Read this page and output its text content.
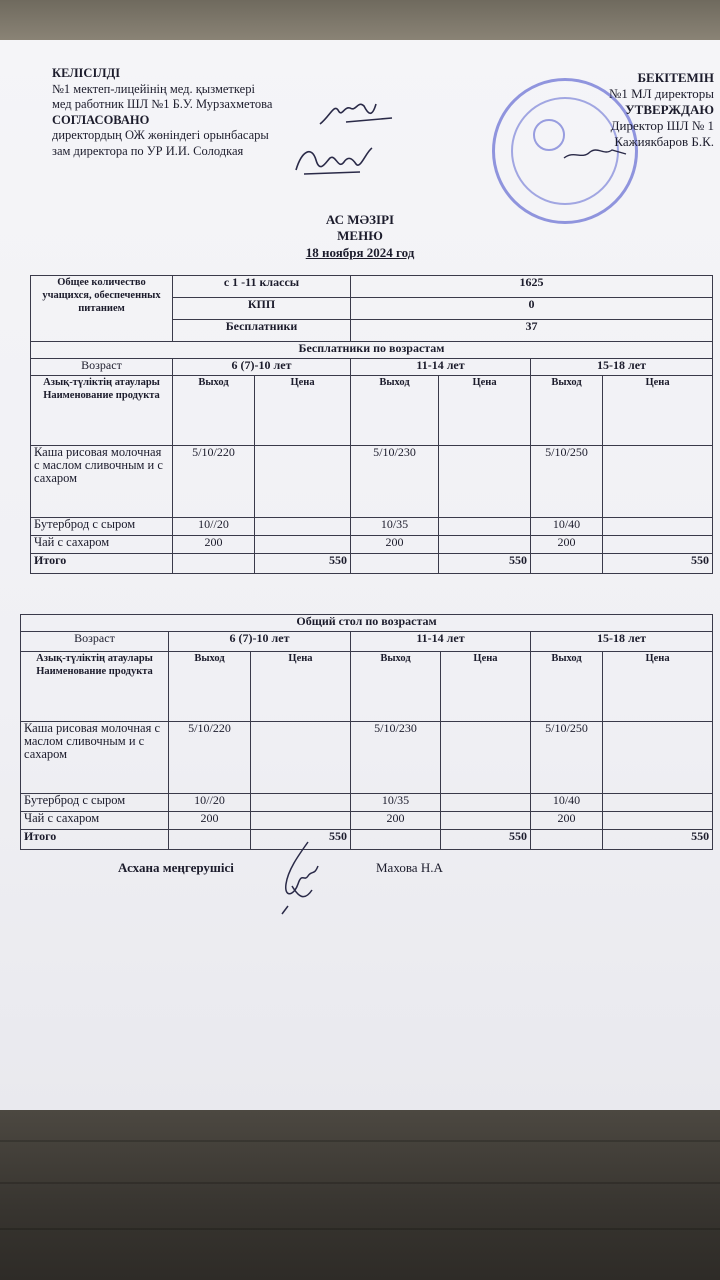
КЕЛІСІЛДІ
№1 мектеп-лицейінің мед. қызметкері
мед работник ШЛ №1 Б.У. Мурзахметова
СОГЛАСОВАНО
директордың ОЖ жөніндегі орынбасары
зам директора по УР И.И. Солодкая
БЕКІТЕМІН
№1 МЛ директоры
УТВЕРЖДАЮ
Директор ШЛ № 1
Кажиякбаров Б.К.
АС МӘЗІРІ
МЕНЮ
18 ноября 2024 год
Общее количество учащихся, обеспеченных питанием	с 1 -11 классы		1625			
	КПП		0			
	Бесплатники		37			
Бесплатники по возрастам						
Возраст	6 (7)-10 лет		11-14 лет		15-18 лет	
Азық-түліктің атаулары Наименование продукта	Выход	Цена	Выход	Цена	Выход	Цена
Каша рисовая молочная с маслом сливочным и с сахаром	5/10/220		5/10/230		5/10/250	
Бутерброд с сыром	10//20		10/35		10/40	
Чай с сахаром	200		200		200	
Итого		550		550		550
Общий стол по возрастам						
Возраст	6 (7)-10 лет		11-14 лет		15-18 лет	
Азық-түліктің атаулары Наименование продукта	Выход	Цена	Выход	Цена	Выход	Цена
Каша рисовая молочная с маслом сливочным и с сахаром	5/10/220		5/10/230		5/10/250	
Бутерброд с сыром	10//20		10/35		10/40	
Чай с сахаром	200		200		200	
Итого		550		550		550
Асхана меңгерушісі	Махова Н.А
